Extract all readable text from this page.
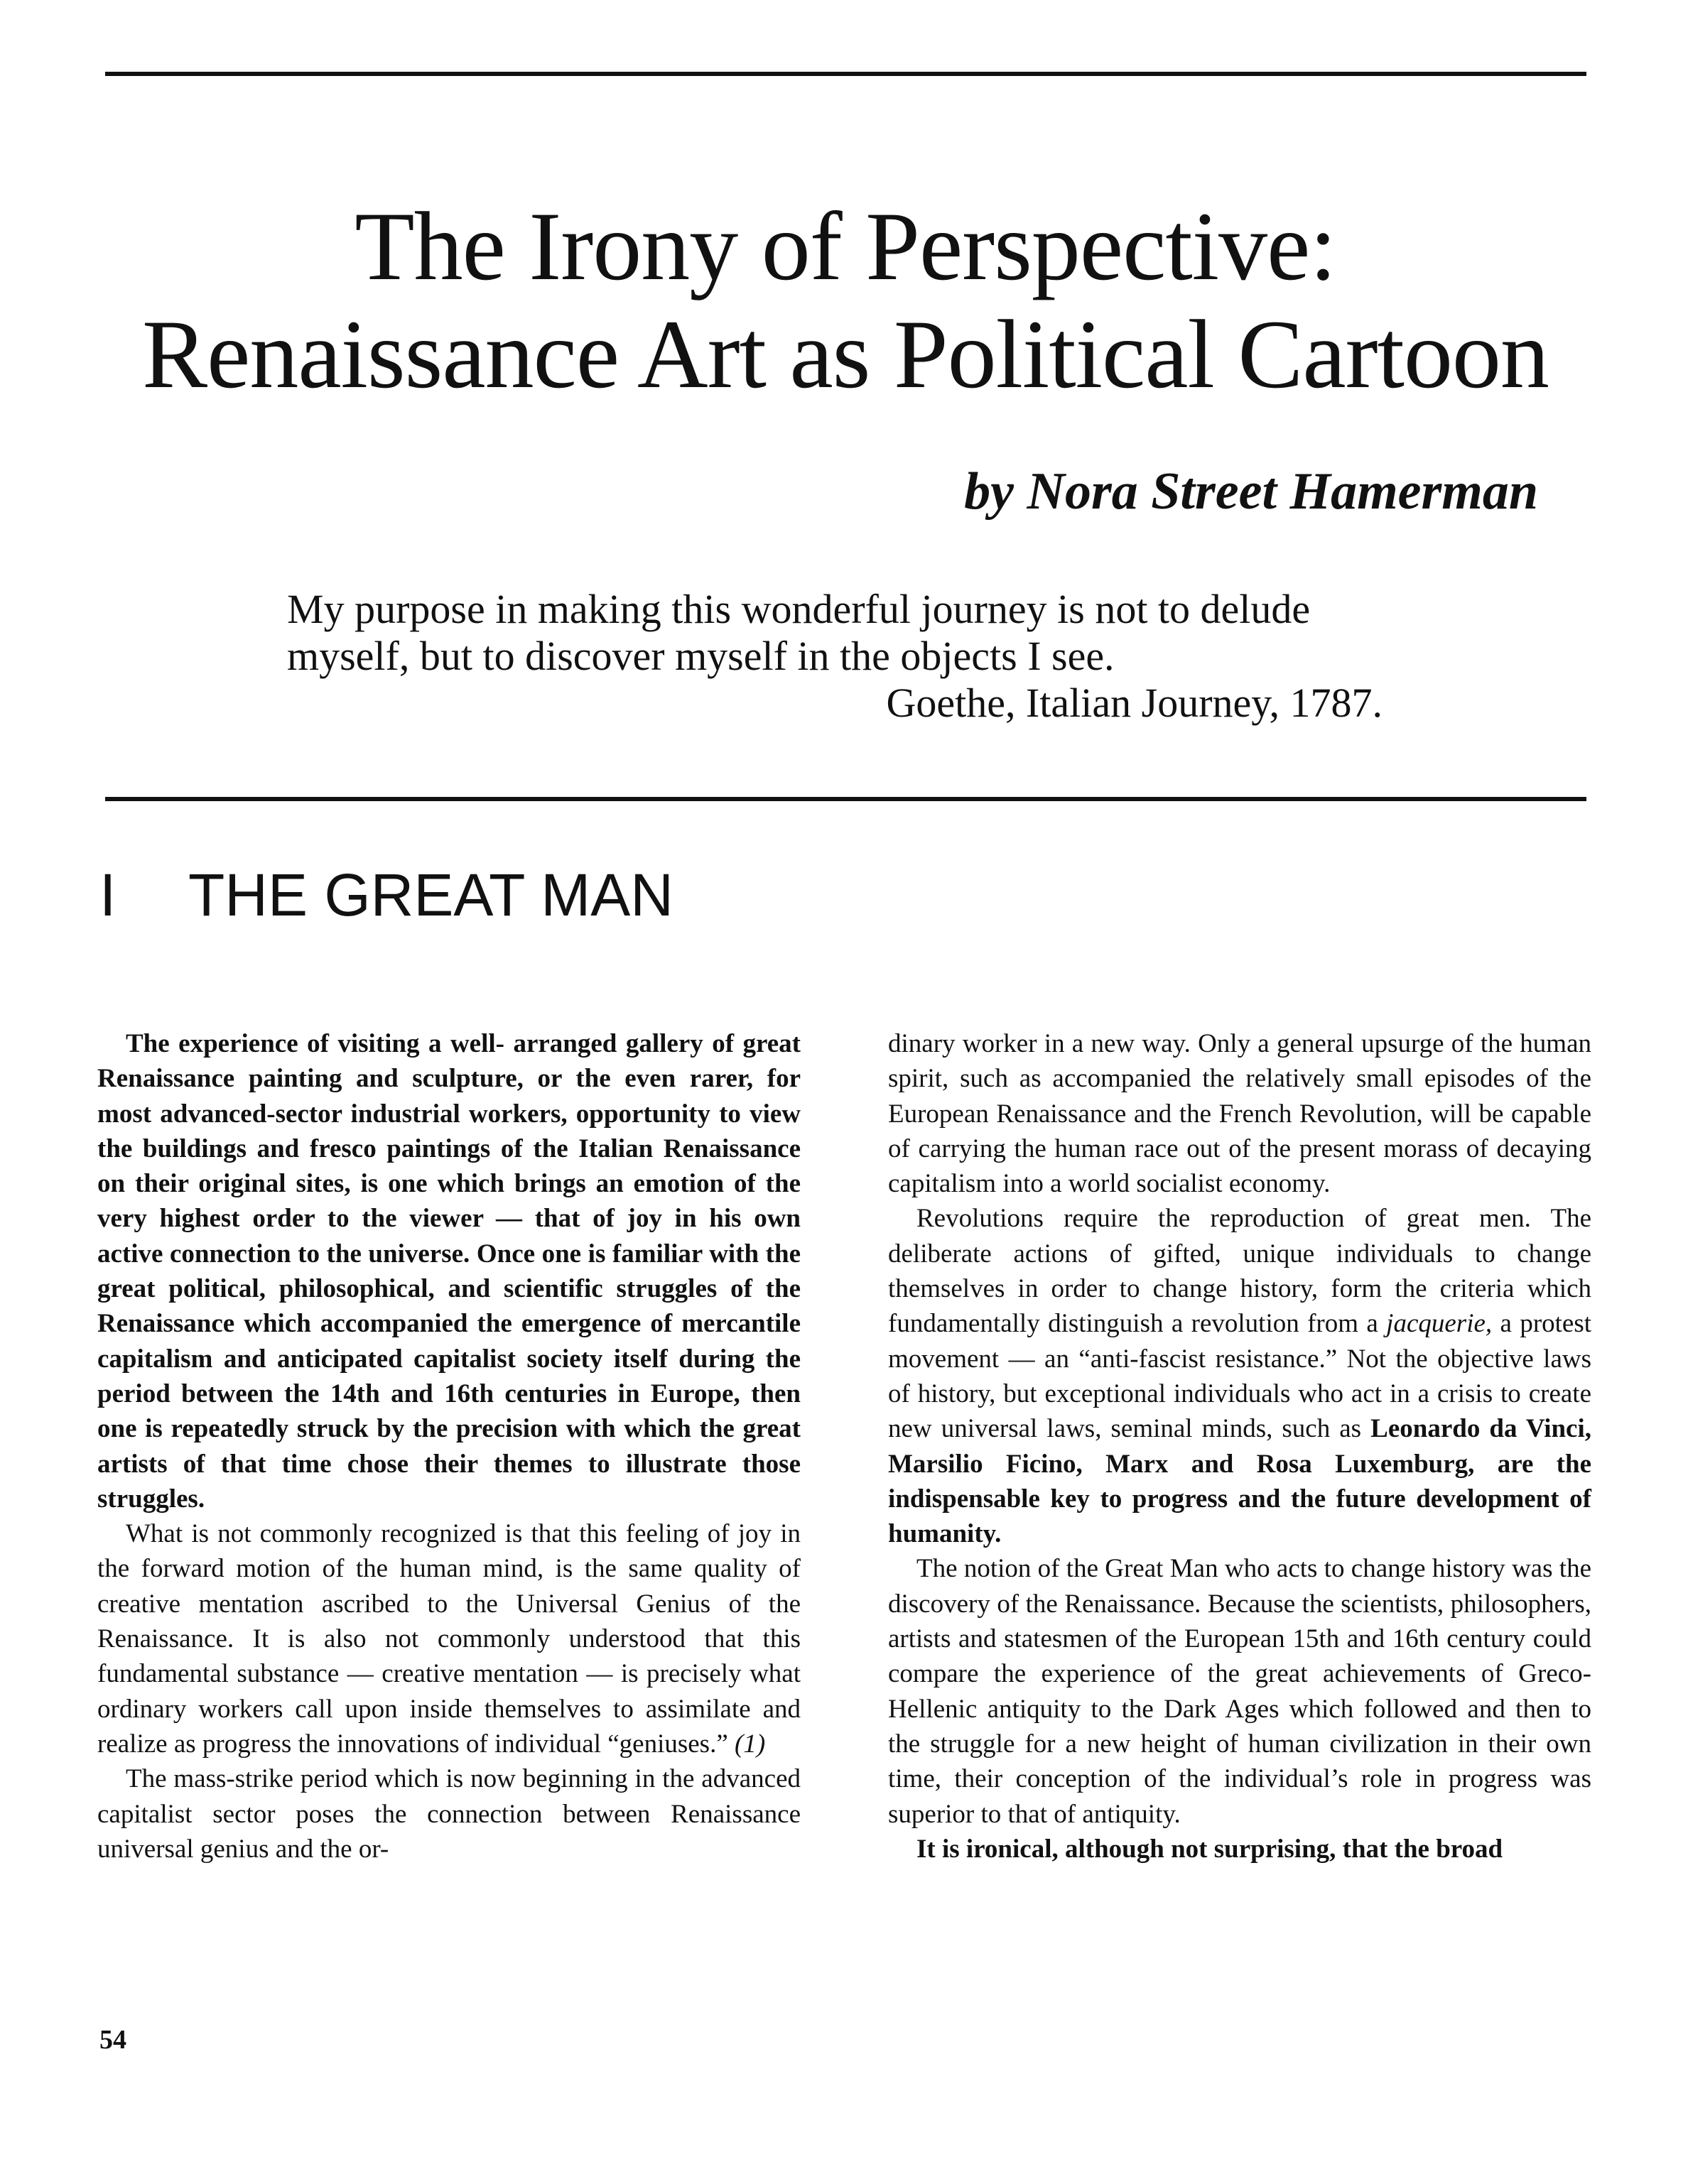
The Irony of Perspective:
Renaissance Art as Political Cartoon
by Nora Street Hamerman
My purpose in making this wonderful journey is not to delude myself, but to discover myself in the objects I see.
Goethe, Italian Journey, 1787.
I THE GREAT MAN

The experience of visiting a well- arranged gallery of great Renaissance painting and sculpture, or the even rarer, for most advanced-sector industrial workers, opportunity to view the buildings and fresco paintings of the Italian Renaissance on their original sites, is one which brings an emotion of the very highest order to the viewer — that of joy in his own active connection to the universe. Once one is familiar with the great political, philosophical, and scientific struggles of the Renaissance which accompanied the emergence of mercantile capitalism and anticipated capitalist society itself during the period between the 14th and 16th centuries in Europe, then one is repeatedly struck by the precision with which the great artists of that time chose their themes to illustrate those struggles.

What is not commonly recognized is that this feeling of joy in the forward motion of the human mind, is the same quality of creative mentation ascribed to the Universal Genius of the Renaissance. It is also not commonly understood that this fundamental substance — creative mentation — is precisely what ordinary workers call upon inside themselves to assimilate and realize as progress the innovations of individual “geniuses.” (1)

The mass-strike period which is now beginning in the advanced capitalist sector poses the connection between Renaissance universal genius and the or-

dinary worker in a new way. Only a general upsurge of the human spirit, such as accompanied the relatively small episodes of the European Renaissance and the French Revolution, will be capable of carrying the human race out of the present morass of decaying capitalism into a world socialist economy.

Revolutions require the reproduction of great men. The deliberate actions of gifted, unique individuals to change themselves in order to change history, form the criteria which fundamentally distinguish a revolution from a jacquerie, a protest movement — an “anti-fascist resistance.” Not the objective laws of history, but exceptional individuals who act in a crisis to create new universal laws, seminal minds, such as Leonardo da Vinci, Marsilio Ficino, Marx and Rosa Luxemburg, are the indispensable key to progress and the future development of humanity.

The notion of the Great Man who acts to change history was the discovery of the Renaissance. Because the scientists, philosophers, artists and statesmen of the European 15th and 16th century could compare the experience of the great achievements of Greco-Hellenic antiquity to the Dark Ages which followed and then to the struggle for a new height of human civilization in their own time, their conception of the individual’s role in progress was superior to that of antiquity.

It is ironical, although not surprising, that the broad

54
